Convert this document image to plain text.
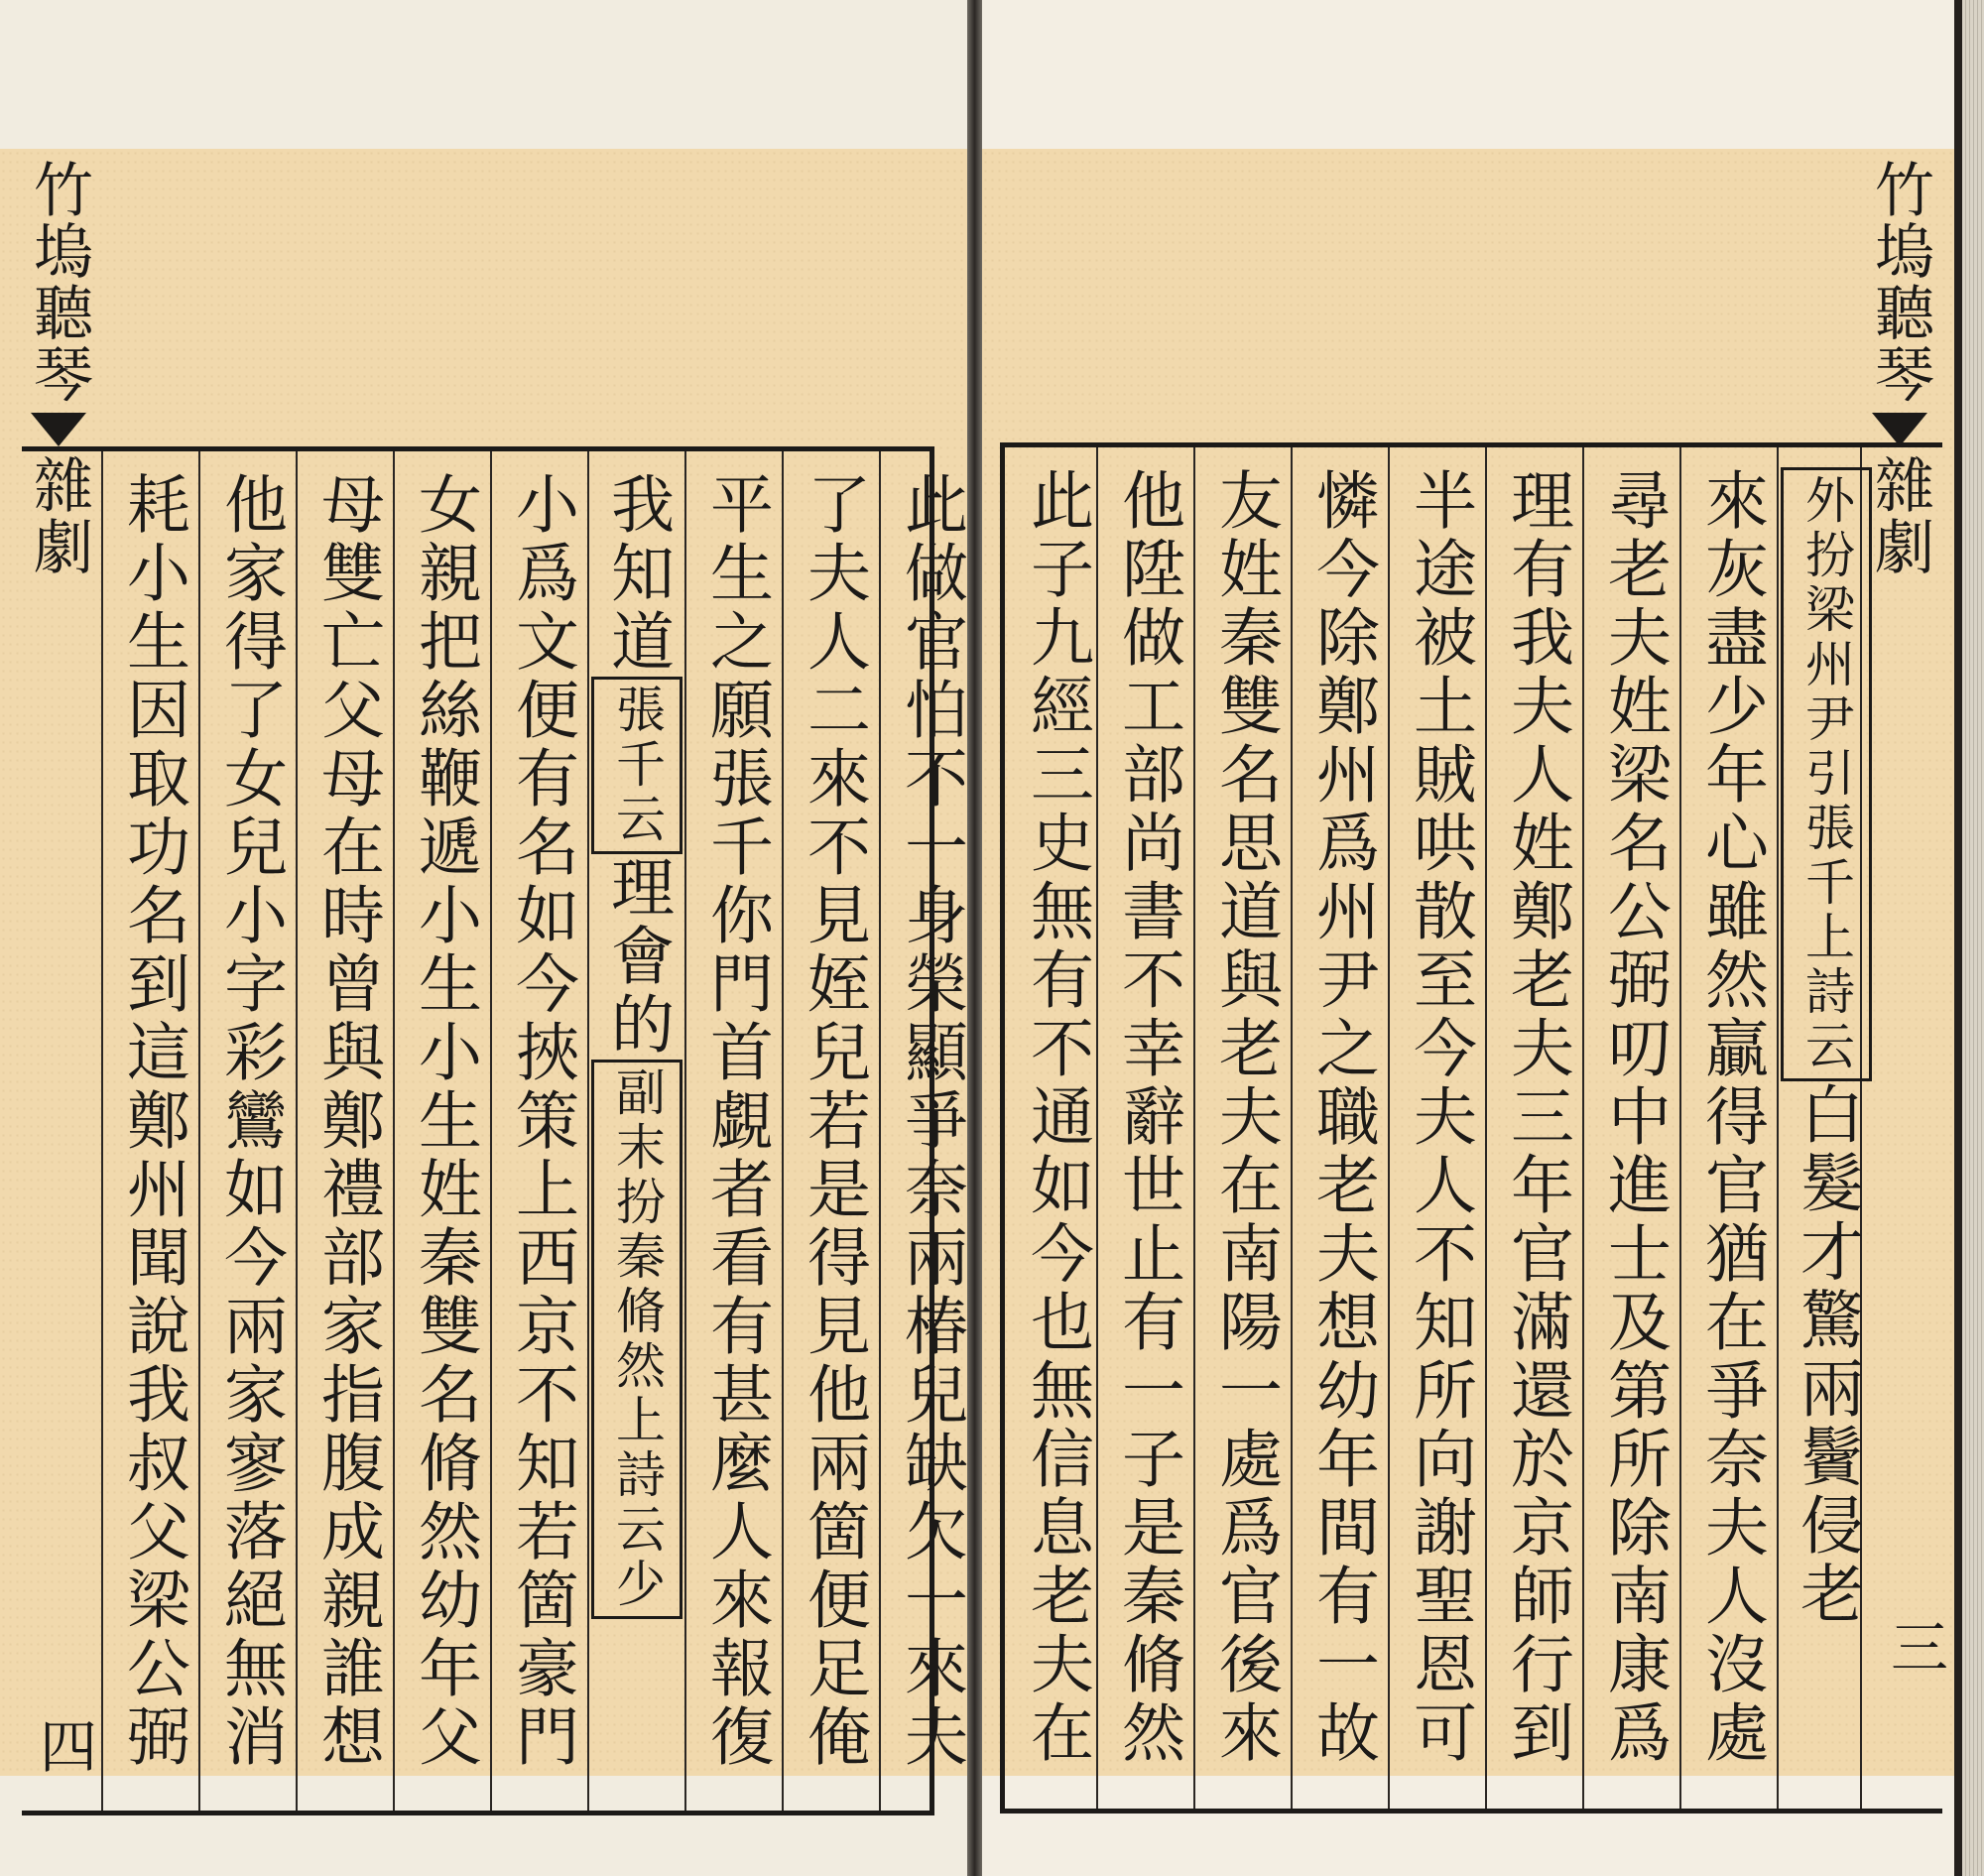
竹塢聽琴雜劇
四	此做官怕不一身榮顯爭奈兩椿兒缺欠一來夫
了夫人二來不見姪兒若是得見他兩箇便足俺
平生之願張千你門首覷者看有甚麼人來報復
我知道張千云理會的副末扮秦脩然上詩云少
小爲文便有名如今挾策上西京不知若箇豪門
女親把絲鞭遞小生小生姓秦雙名脩然幼年父
母雙亡父母在時曾與鄭禮部家指腹成親誰想
他家得了女兒小字彩鸞如今兩家寥落絕無消
耗小生因取功名到這鄭州聞說我叔父梁公弼	外扮梁州尹引張千上詩云白髮才驚兩鬢侵老
來灰盡少年心雖然贏得官猶在爭奈夫人沒處
尋老夫姓梁名公弼叨中進士及第所除南康爲
理有我夫人姓鄭老夫三年官滿還於京師行到
半途被土賊哄散至今夫人不知所向謝聖恩可
憐今除鄭州爲州尹之職老夫想幼年間有一故
友姓秦雙名思道與老夫在南陽一處爲官後來
他陞做工部尚書不幸辭世止有一子是秦脩然
此子九經三史無有不通如今也無信息老夫在
竹塢聽琴雜劇
三
